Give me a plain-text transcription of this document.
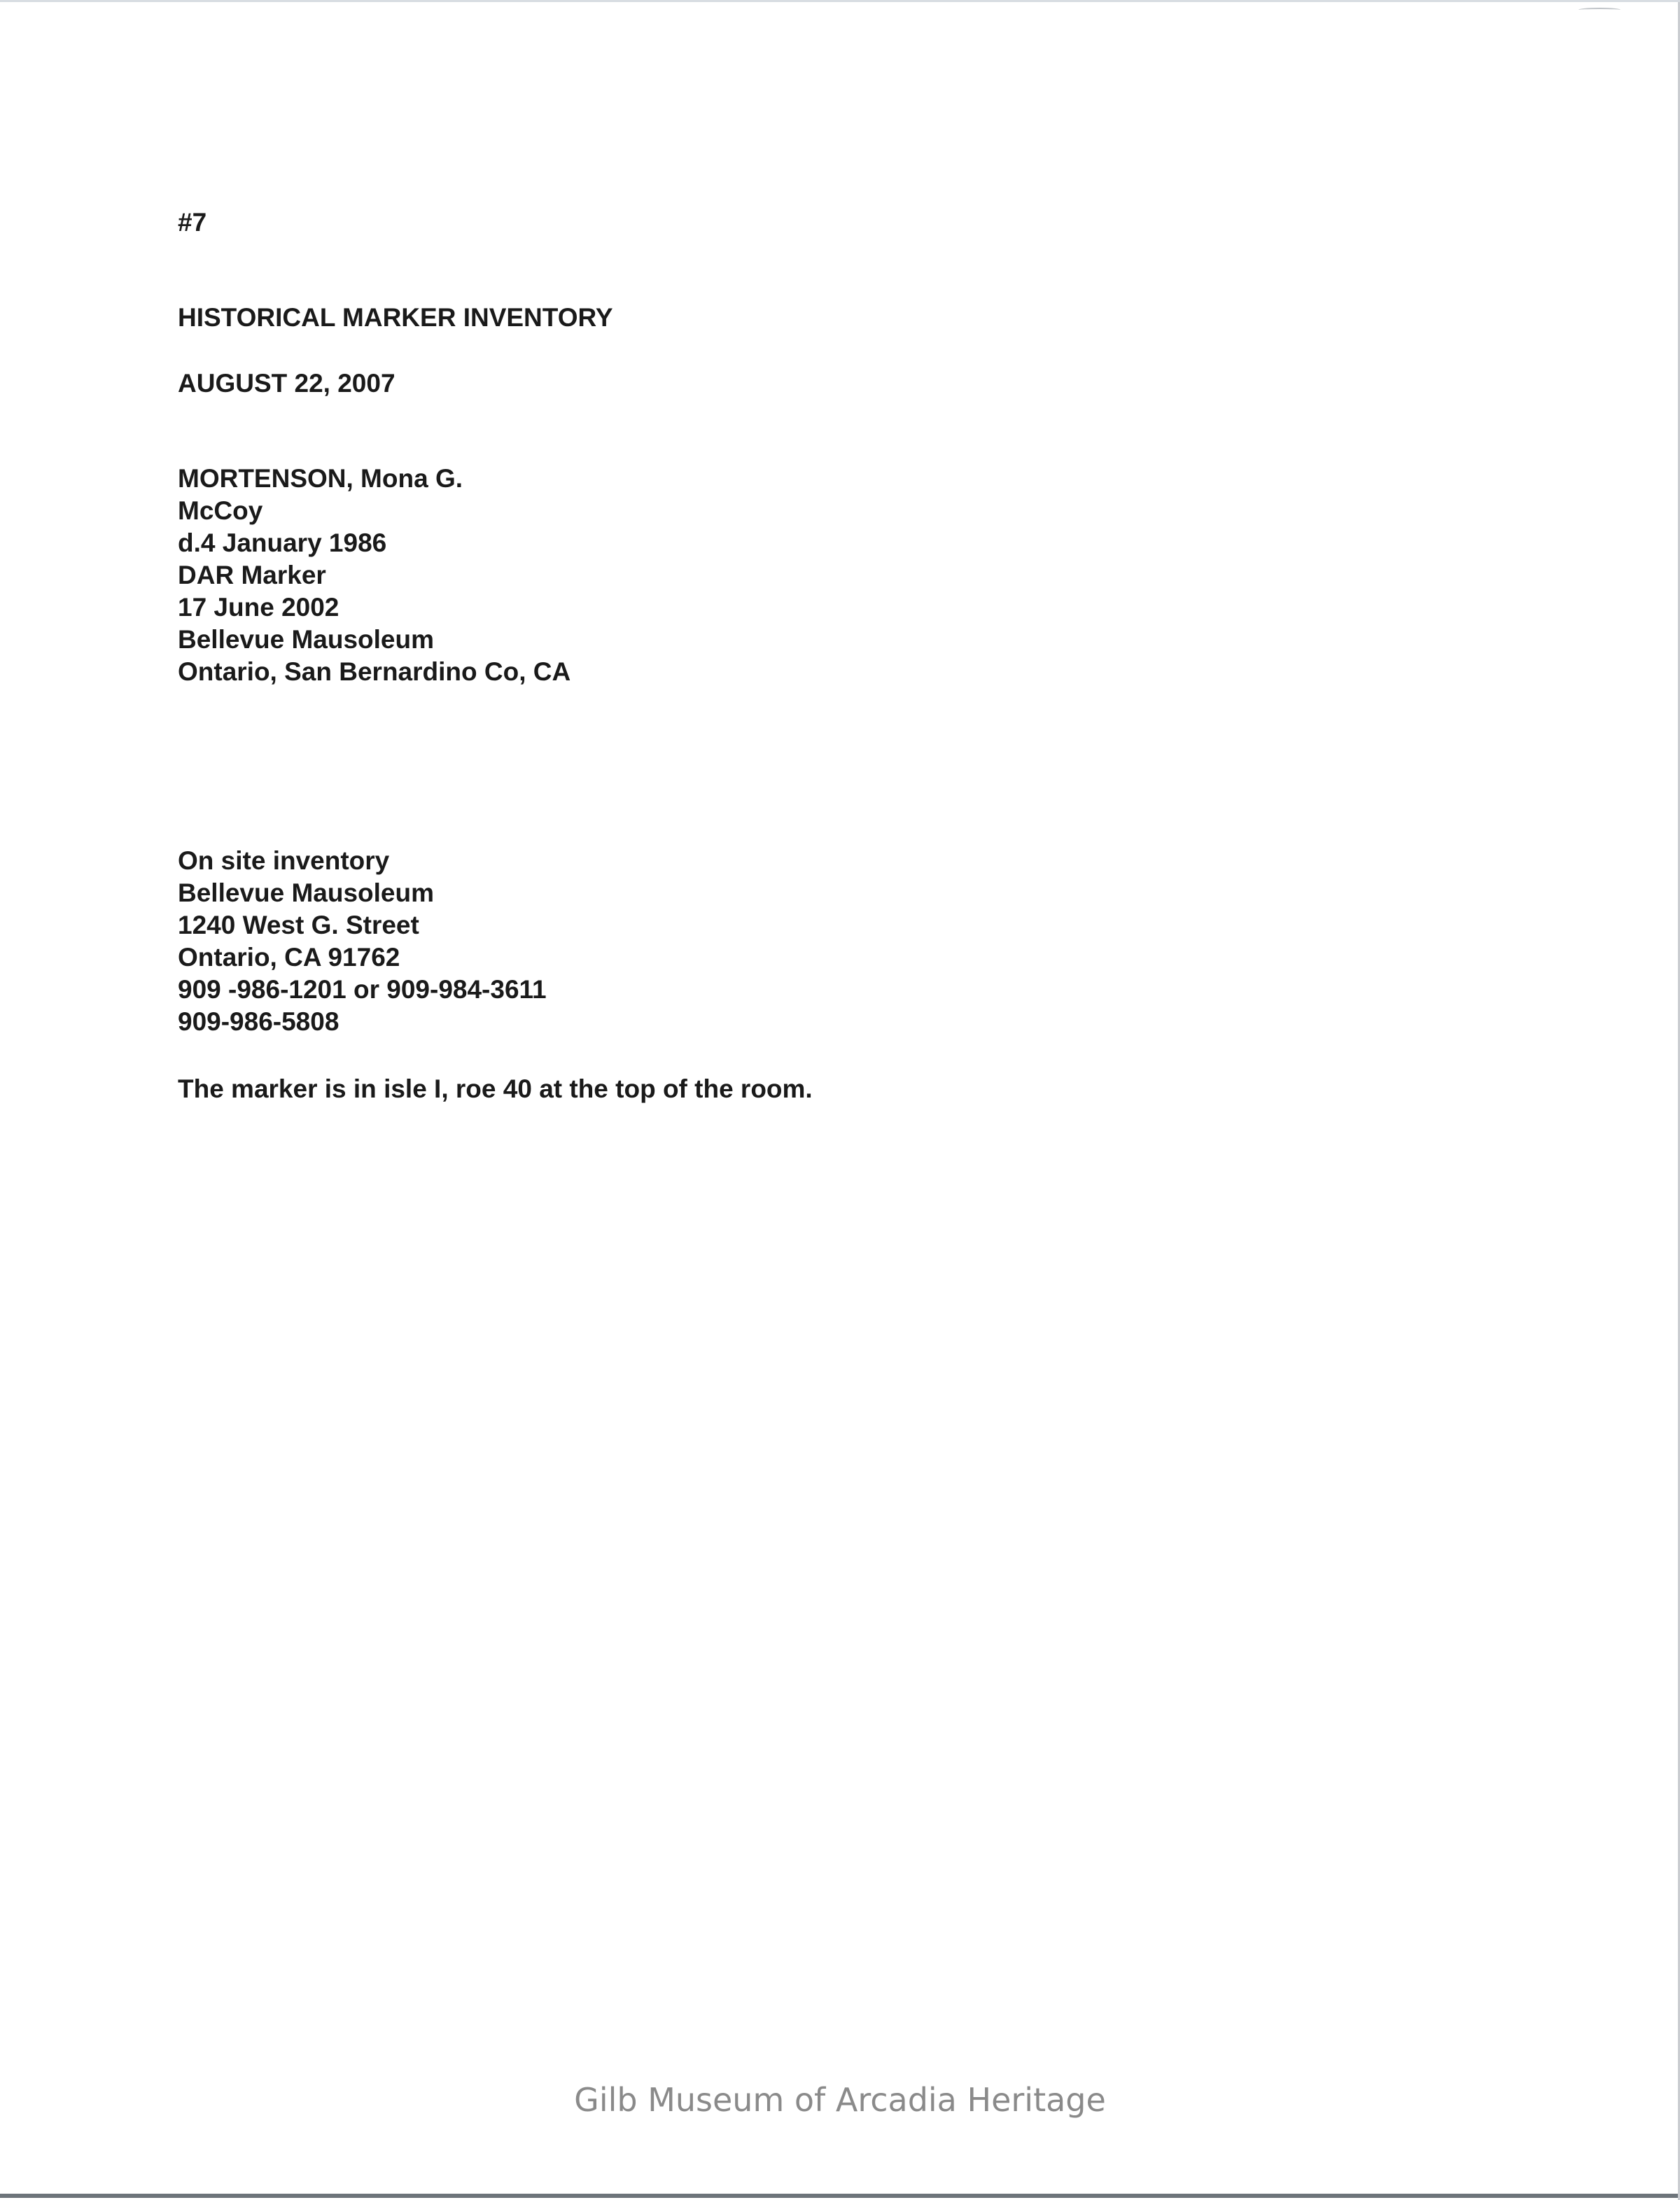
#7
HISTORICAL MARKER INVENTORY
AUGUST 22, 2007
MORTENSON, Mona G.
McCoy
d.4 January 1986
DAR Marker
17 June 2002
Bellevue Mausoleum
Ontario, San Bernardino Co, CA
On site inventory
Bellevue Mausoleum
1240 West G. Street
Ontario, CA 91762
909 -986-1201 or 909-984-3611
909-986-5808
The marker is in isle I, roe 40 at the top of the room.
Gilb Museum of Arcadia Heritage
